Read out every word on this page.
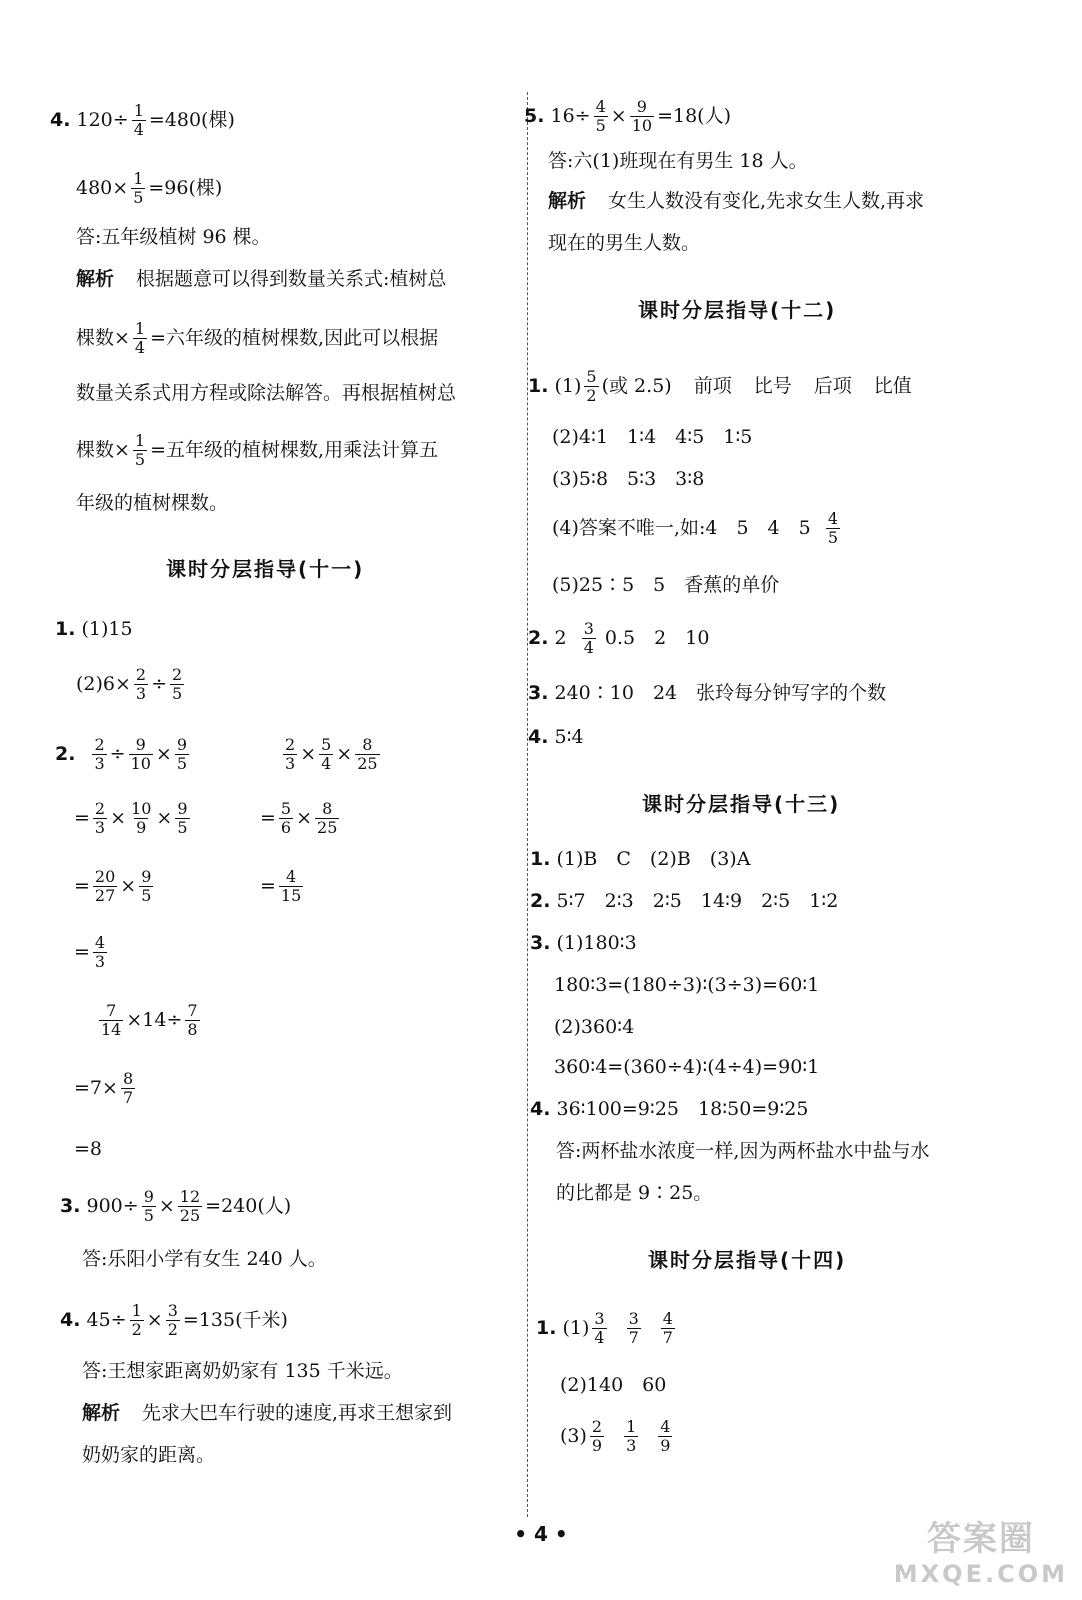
4.
$120\div \frac{1}{4} =480$(棵)
$480\times \frac{1}{5} =96$(棵)
答:五年级植树 96 棵。
解析 根据题意可以得到数量关系式:植树总
棵数× $\frac{1}{4}$ =六年级的植树棵数,因此可以根据
数量关系式用方程或除法解答。再根据植树总
棵数× $\frac{1}{5}$ =五年级的植树棵数,用乘法计算五
年级的植树棵数。
课时分层指导(十一)
1.
(1)15
$(2)6\times \frac{2}{3} \div \frac{2}{5}$
2. $\frac{2}{3} \div \frac{9}{10} \times \frac{9}{5}$
= $\frac{2}{3} \times \frac{10}{9} \times \frac{9}{5}$
= $\frac{20}{27} \times \frac{9}{5}$
= $\frac{4}{3}$
$\frac{2}{3} \times \frac{5}{4} \times \frac{8}{25}$
= $\frac{5}{6} \times \frac{8}{25}$
= $\frac{4}{15}$
$\frac{7}{14} \times 14 \div \frac{7}{8}$
= $7 \times \frac{8}{7}$
= 8
3.
$900\div \frac{9}{5} \times \frac{12}{25} =240$(人)
答:乐阳小学有女生 240 人。
4.
$45\div \frac{1}{2} \times \frac{3}{2} =135$(千米)
答:王想家距离奶奶家有 135 千米远。
解析 先求大巴车行驶的速度,再求王想家到
奶奶家的距离。
5.
$16\div \frac{4}{5} \times \frac{9}{10} =18$(人)
答:六(1)班现在有男生 18 人。
解析 女生人数没有变化,先求女生人数,再求
现在的男生人数。
课时分层指导(十二)
1.
$(1) \frac{5}{2}$ (或 2.5) 前项 比号 后项 比值
(2)4∶1　1∶4　4∶5　1∶5
(3)5∶8　5∶3　3∶8
(4)答案不唯一,如:4　5　4　5
$\frac{4}{5}$
(5)25∶5　5　香蕉的单价
2.
2
$\frac{3}{4}$
0.5　2　10
3.
240∶10　24　张玲每分钟写字的个数
4.
5∶4
课时分层指导(十三)
1.
(1)B　C　(2)B　(3)A
2.
5∶7　2∶3　2∶5　14∶9　2∶5　1∶2
3.
(1)180∶3
180∶3=(180÷3)∶(3÷3)=60∶1
(2)360∶4
360∶4=(360÷4)∶(4÷4)=90∶1
4.
36∶100=9∶25　18∶50=9∶25
答:两杯盐水浓度一样,因为两杯盐水中盐与水
的比都是 9∶25。
课时分层指导(十四)
1.
$(1) \frac{3}{4} \frac{3}{7} \frac{4}{7}$
(2)140　60
$(3) \frac{2}{9} \frac{1}{3} \frac{4}{9}$
• 4 •	答案圈
MXQE.COM
